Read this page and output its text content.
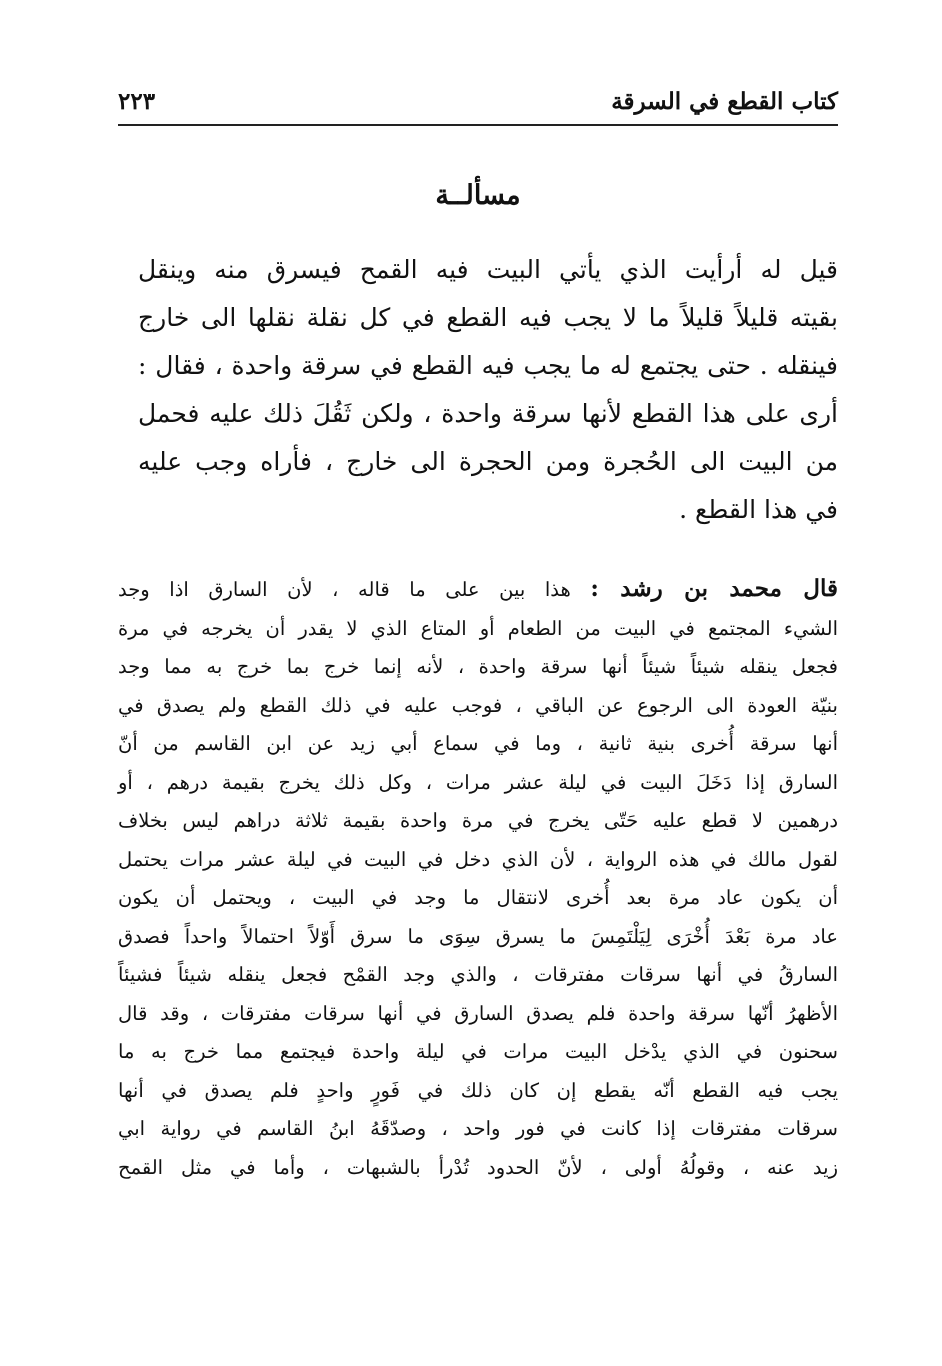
كتاب القطع في السرقة
٢٢٣
مسألــة
قيل له أرأيت الذي يأتي البيت فيه القمح فيسرق منه وينقل
بقيته قليلاً قليلاً ما لا يجب فيه القطع في كل نقلة نقلها الى خارج
فينقله . حتى يجتمع له ما يجب فيه القطع في سرقة واحدة ، فقال :
أرى على هذا القطع لأنها سرقة واحدة ، ولكن ثَقُلَ ذلك عليه فحمل
من البيت الى الحُجرة ومن الحجرة الى خارج ، فأراه وجب عليه
في هذا القطع .
قال محمد بن رشد : هذا بين على ما قاله ، لأن السارق اذا وجد
الشيء المجتمع في البيت من الطعام أو المتاع الذي لا يقدر أن يخرجه في مرة
فجعل ينقله شيئاً شيئاً أنها سرقة واحدة ، لأنه إنما خرج بما خرج به مما وجد
بنيّة العودة الى الرجوع عن الباقي ، فوجب عليه في ذلك القطع ولم يصدق في
أنها سرقة أُخرى بنية ثانية ، وما في سماع أبي زيد عن ابن القاسم من أنّ
السارق إذا دَخَلَ البيت في ليلة عشر مرات ، وكل ذلك يخرج بقيمة درهم ، أو
درهمين لا قطع عليه حَتّى يخرج في مرة واحدة بقيمة ثلاثة دراهم ليس بخلاف
لقول مالك في هذه الرواية ، لأن الذي دخل في البيت في ليلة عشر مرات يحتمل
أن يكون عاد مرة بعد أُخرى لانتقال ما وجد في البيت ، ويحتمل أن يكون
عاد مرة بَعْدَ أُخْرَى لِيَلْتَمِسَ ما يسرق سِوَى ما سرق أَوّلاً احتمالاً واحداً فصدق
السارقُ في أنها سرقات مفترقات ، والذي وجد القمْح فجعل ينقله شيئاً فشيئاً
الأظهرُ أنّها سرقة واحدة فلم يصدق السارق في أنها سرقات مفترقات ، وقد قال
سحنون في الذي يدْخل البيت مرات في ليلة واحدة فيجتمع مما خرج به ما
يجب فيه القطع أنّه يقطع إن كان ذلك في فَورٍ واحدٍ فلم يصدق في أنها
سرقات مفترقات إذا كانت في فور واحد ، وصدّقَهُ ابنُ القاسم في رواية ابي
زيد عنه ، وقولُهُ أولى ، لأنّ الحدود تُدْرأ بالشبهات ، وأما في مثل القمح
